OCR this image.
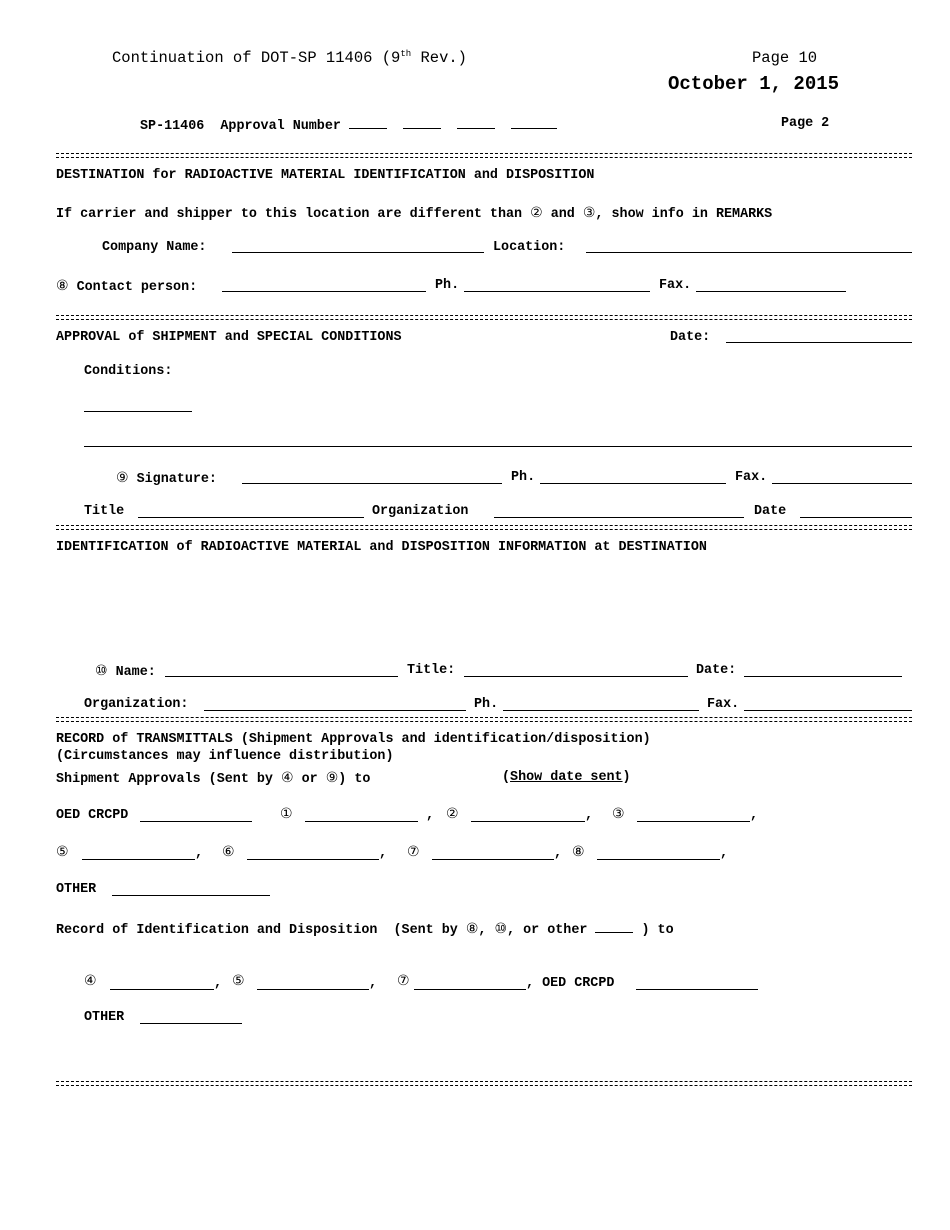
Continuation of DOT-SP 11406 (9th Rev.)	Page 10
October 1, 2015
SP-11406 Approval Number	Page 2
DESTINATION for RADIOACTIVE MATERIAL IDENTIFICATION and DISPOSITION
If carrier and shipper to this location are different than ② and ③, show info in REMARKS
Company Name:	Location:
⑧ Contact person:	Ph.	Fax.
APPROVAL of SHIPMENT and SPECIAL CONDITIONS	Date:
Conditions:
⑨ Signature:	Ph.	Fax.
Title	Organization	Date
IDENTIFICATION of RADIOACTIVE MATERIAL and DISPOSITION INFORMATION at DESTINATION
⑩ Name:	Title:	Date:
Organization:	Ph.	Fax.
RECORD of TRANSMITTALS (Shipment Approvals and identification/disposition)
(Circumstances may influence distribution)
Shipment Approvals (Sent by ④ or ⑨) to	(Show date sent)
OED CRCPD	①	, ②	, ③	,
⑤	, ⑥	, ⑦	, ⑧	,
OTHER
Record of Identification and Disposition  (Sent by ⑧, ⑩, or other	) to
④	, ⑤	, ⑦	, OED CRCPD
OTHER
